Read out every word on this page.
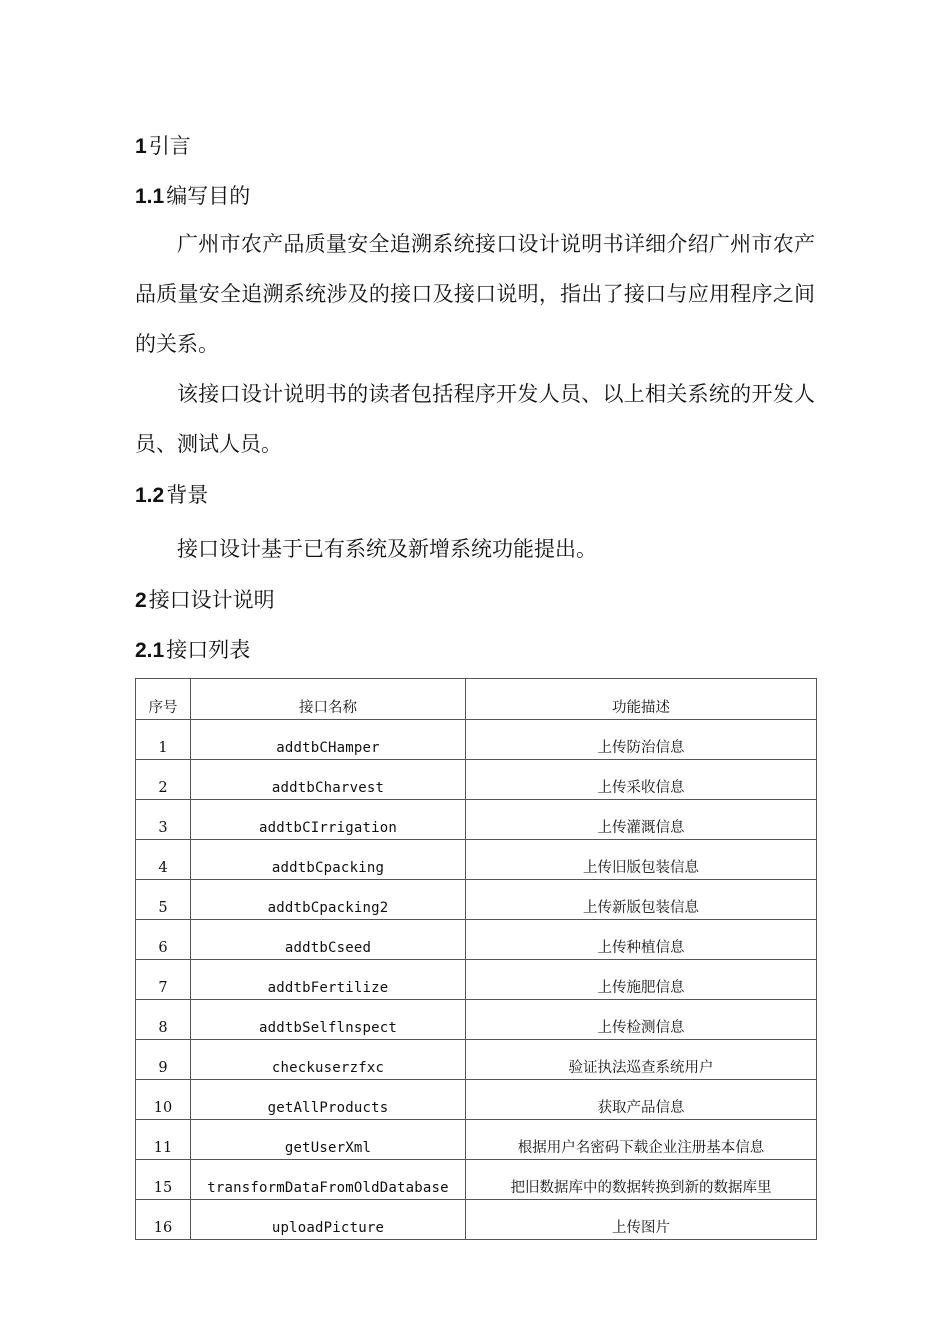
1引言
1.1编写目的

广州市农产品质量安全追溯系统接口设计说明书详细介绍广州市农产品质量安全追溯系统涉及的接口及接口说明，指出了接口与应用程序之间的关系。

该接口设计说明书的读者包括程序开发人员、以上相关系统的开发人员、测试人员。

1.2背景

接口设计基于已有系统及新增系统功能提出。

2接口设计说明
2.1接口列表
序号	接口名称	功能描述
1	addtbCHamper	上传防治信息
2	addtbCharvest	上传采收信息
3	addtbCIrrigation	上传灌溉信息
4	addtbCpacking	上传旧版包装信息
5	addtbCpacking2	上传新版包装信息
6	addtbCseed	上传种植信息
7	addtbFertilize	上传施肥信息
8	addtbSelflnspect	上传检测信息
9	checkuserzfxc	验证执法巡查系统用户
10	getAllProducts	获取产品信息
11	getUserXml	根据用户名密码下载企业注册基本信息
15	transformDataFromOldDatabase	把旧数据库中的数据转换到新的数据库里
16	uploadPicture	上传图片
